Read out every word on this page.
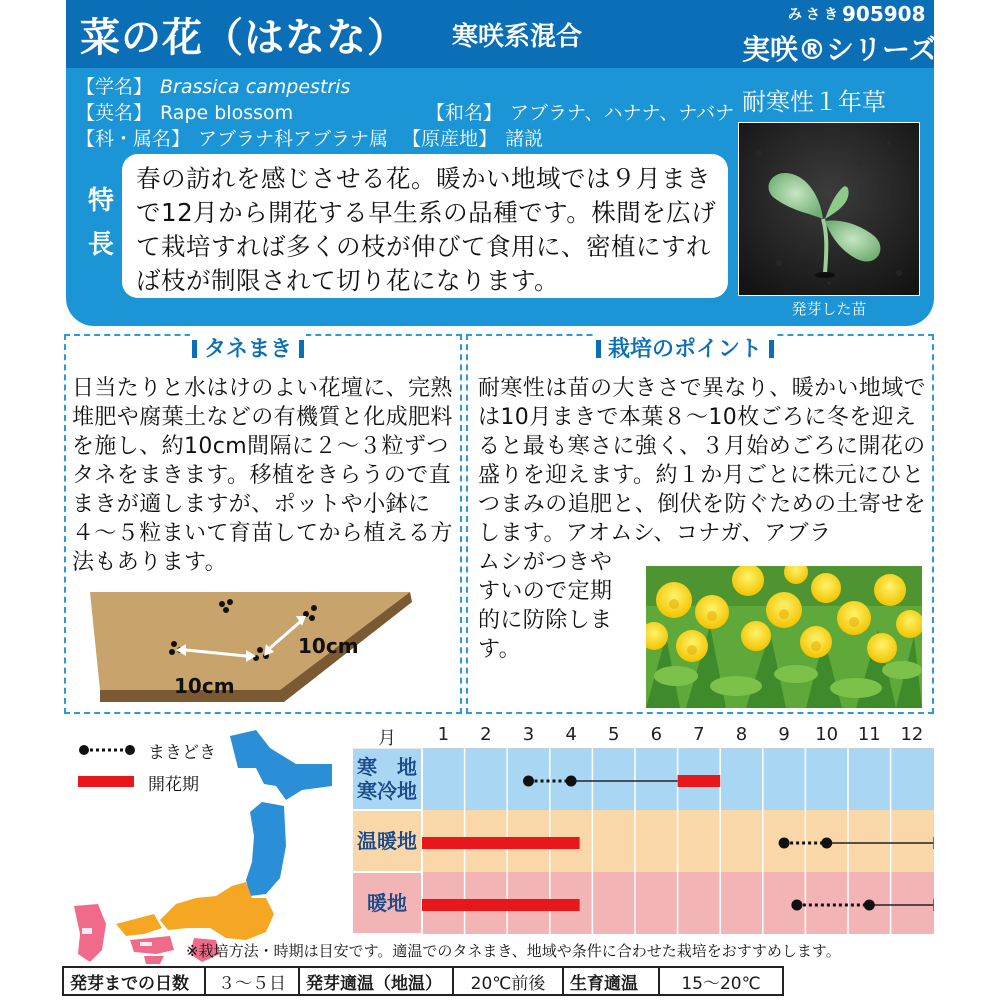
菜の花（はなな） 寒咲系混合
みさき 905908
実咲®シリーズ
【学名】 Brassica campestris
【英名】 Rape blossom	【和名】 アブラナ、ハナナ、ナバナ
【科・属名】 アブラナ科アブラナ属 【原産地】 諸説
耐寒性１年草
特
長
春の訪れを感じさせる花。暖かい地域では９月まきで12月から開花する早生系の品種です。株間を広げて栽培すれば多くの枝が伸びて食用に、密植にすれば枝が制限されて切り花になります。
発芽した苗
タネまき
日当たりと水はけのよい花壇に、完熟堆肥や腐葉土などの有機質と化成肥料を施し、約10cm間隔に２〜３粒ずつタネをまきます。移植をきらうので直まきが適しますが、ポットや小鉢に４〜５粒まいて育苗してから植える方法もあります。
10cm
10cm
栽培のポイント
耐寒性は苗の大きさで異なり、暖かい地域では10月まきで本葉８〜10枚ごろに冬を迎えると最も寒さに強く、３月始めごろに開花の盛りを迎えます。約１か月ごとに株元にひとつまみの追肥と、倒伏を防ぐための土寄せをします。アオムシ、コナガ、アブラ
ムシがつきやすいので定期的に防除します。
まきどき
開花期
月	1	2	3	4	5	6	7	8	9	10	11	12
寒　地
寒冷地
温暖地
暖地
※栽培方法・時期は目安です。適温でのタネまき、地域や条件に合わせた栽培をおすすめします。
発芽までの日数	３〜５日	発芽適温（地温）	20℃前後	生育適温	15〜20℃
